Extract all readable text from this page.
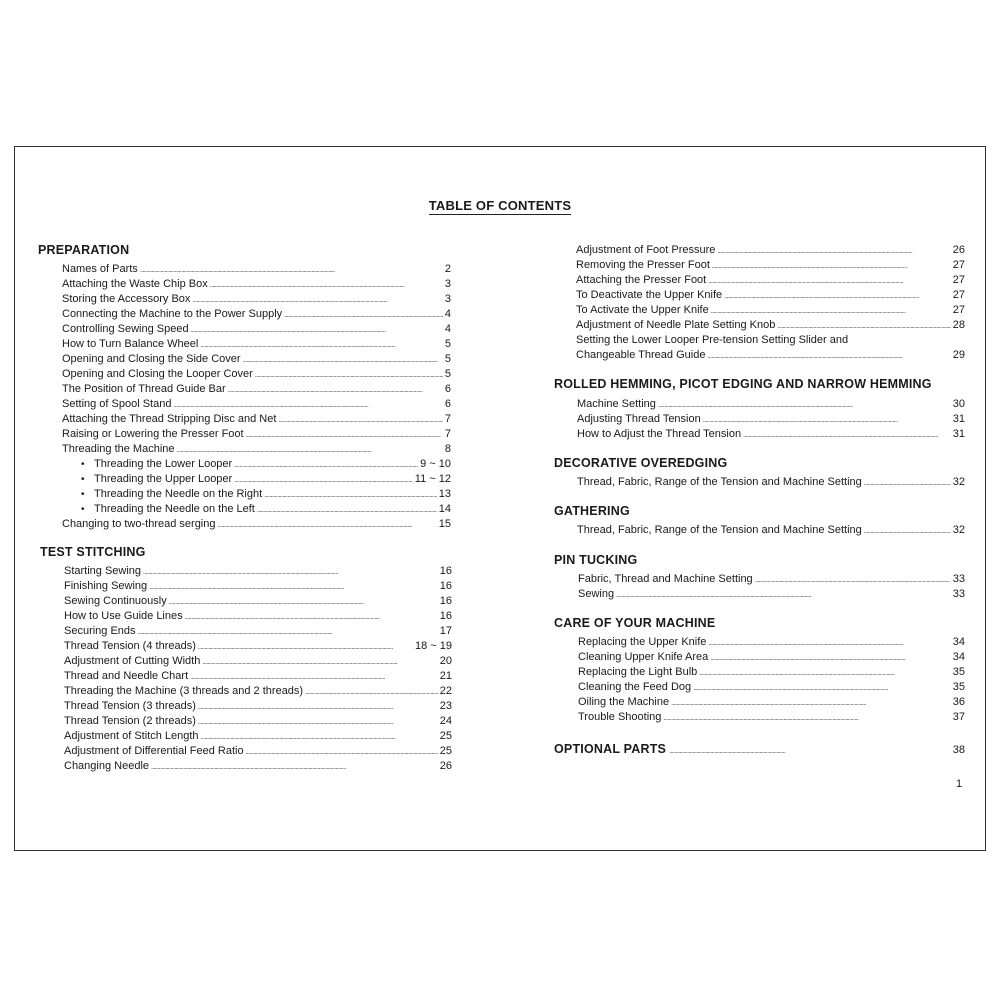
TABLE OF CONTENTS
PREPARATION
Names of Parts . . .	2
Attaching the Waste Chip Box . . .	3
Storing the Accessory Box . . .	3
Connecting the Machine to the Power Supply . . .	4
Controlling Sewing Speed . . .	4
How to Turn Balance Wheel . . .	5
Opening and Closing the Side Cover . . .	5
Opening and Closing the Looper Cover . . .	5
The Position of Thread Guide Bar . . .	6
Setting of Spool Stand . . .	6
Attaching the Thread Stripping Disc and Net . . .	7
Raising or Lowering the Presser Foot . . .	7
Threading the Machine . . .	8
• Threading the Lower Looper . . .	9 ~ 10
• Threading the Upper Looper . . .	11 ~ 12
• Threading the Needle on the Right . . .	13
• Threading the Needle on the Left . . .	14
Changing to two-thread serging . . .	15
TEST STITCHING
Starting Sewing . . .	16
Finishing Sewing . . .	16
Sewing Continuously . . .	16
How to Use Guide Lines . . .	16
Securing Ends . . .	17
Thread Tension (4 threads) . . .	18 ~ 19
Adjustment of Cutting Width . . .	20
Thread and Needle Chart . . .	21
Threading the Machine (3 threads and 2 threads) . . .	22
Thread Tension (3 threads) . . .	23
Thread Tension (2 threads) . . .	24
Adjustment of Stitch Length . . .	25
Adjustment of Differential Feed Ratio . . .	25
Changing Needle . . .	26
Adjustment of Foot Pressure . . .	26
Removing the Presser Foot . . .	27
Attaching the Presser Foot . . .	27
To Deactivate the Upper Knife . . .	27
To Activate the Upper Knife . . .	27
Adjustment of Needle Plate Setting Knob . . .	28
Setting the Lower Looper Pre-tension Setting Slider and
Changeable Thread Guide . . .	29
ROLLED HEMMING, PICOT EDGING AND NARROW HEMMING
Machine Setting . . .	30
Adjusting Thread Tension . . .	31
How to Adjust the Thread Tension . . .	31
DECORATIVE OVEREDGING
Thread, Fabric, Range of the Tension and Machine Setting . . .	32
GATHERING
Thread, Fabric, Range of the Tension and Machine Setting . . .	32
PIN TUCKING
Fabric, Thread and Machine Setting . . .	33
Sewing . . .	33
CARE OF YOUR MACHINE
Replacing the Upper Knife . . .	34
Cleaning Upper Knife Area . . .	34
Replacing the Light Bulb . . .	35
Cleaning the Feed Dog . . .	35
Oiling the Machine . . .	36
Trouble Shooting . . .	37
OPTIONAL PARTS . . .	38
1
